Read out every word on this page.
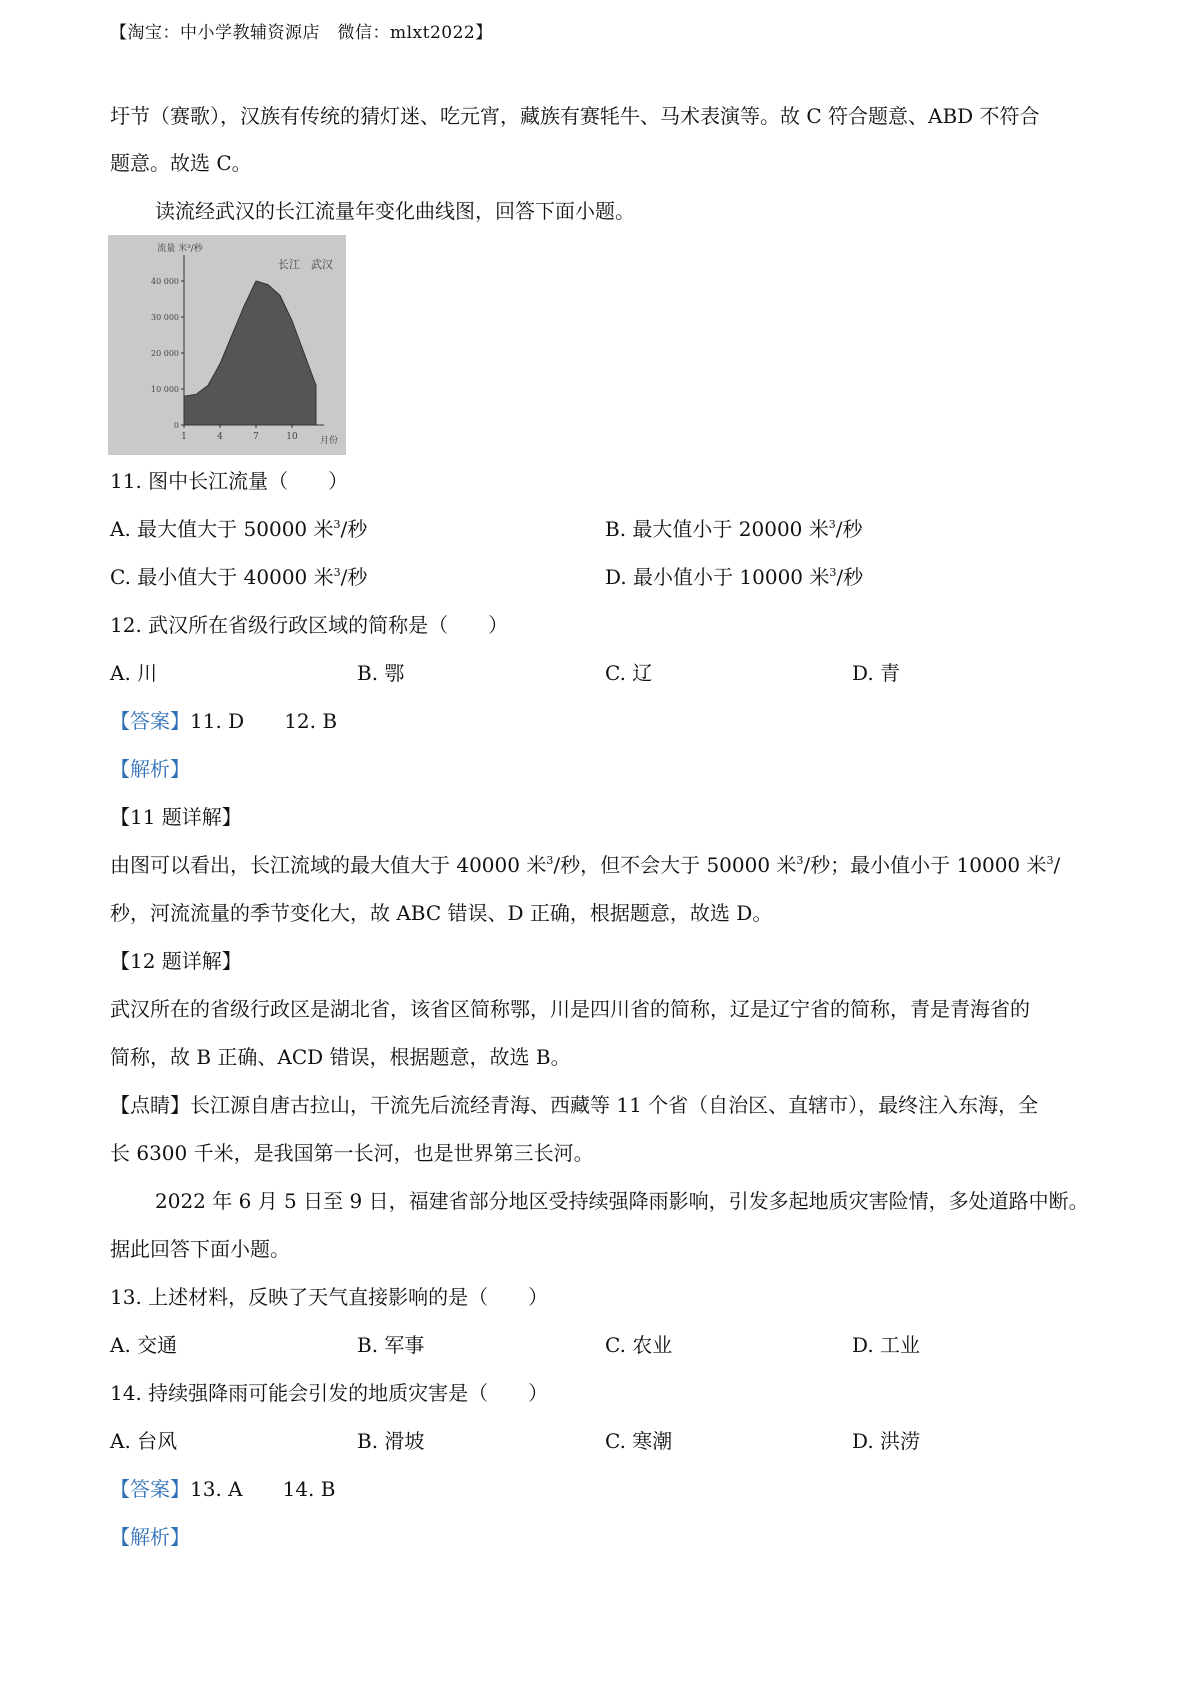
【淘宝：中小学教辅资源店　微信：mlxt2022】
圩节（赛歌），汉族有传统的猜灯迷、吃元宵，藏族有赛牦牛、马术表演等。故 C 符合题意、ABD 不符合
题意。故选 C。
读流经武汉的长江流量年变化曲线图，回答下面小题。
流量 米³/秒
长江　武汉
月份
40 000
30 000
20 000
10 000
0
1	4	7	10
11. 图中长江流量（　　）
A. 最大值大于 50000 米$^3$/秒	B. 最大值小于 20000 米$^3$/秒
C. 最小值大于 40000 米$^3$/秒	D. 最小值小于 10000 米$^3$/秒
12. 武汉所在省级行政区域的简称是（　　）
A. 川	B. 鄂	C. 辽	D. 青
【答案】11. D　　12. B
【解析】
【11 题详解】
由图可以看出，长江流域的最大值大于 40000 米$^3$/秒，但不会大于 50000 米$^3$/秒；最小值小于 10000 米$^3$/
秒，河流流量的季节变化大，故 ABC 错误、D 正确，根据题意，故选 D。
【12 题详解】
武汉所在的省级行政区是湖北省，该省区简称鄂，川是四川省的简称，辽是辽宁省的简称，青是青海省的
简称，故 B 正确、ACD 错误，根据题意，故选 B。
【点睛】长江源自唐古拉山，干流先后流经青海、西藏等 11 个省（自治区、直辖市），最终注入东海，全
长 6300 千米，是我国第一长河，也是世界第三长河。
2022 年 6 月 5 日至 9 日，福建省部分地区受持续强降雨影响，引发多起地质灾害险情，多处道路中断。
据此回答下面小题。
13. 上述材料，反映了天气直接影响的是（　　）
A. 交通	B. 军事	C. 农业	D. 工业
14. 持续强降雨可能会引发的地质灾害是（　　）
A. 台风	B. 滑坡	C. 寒潮	D. 洪涝
【答案】13. A　　14. B
【解析】
